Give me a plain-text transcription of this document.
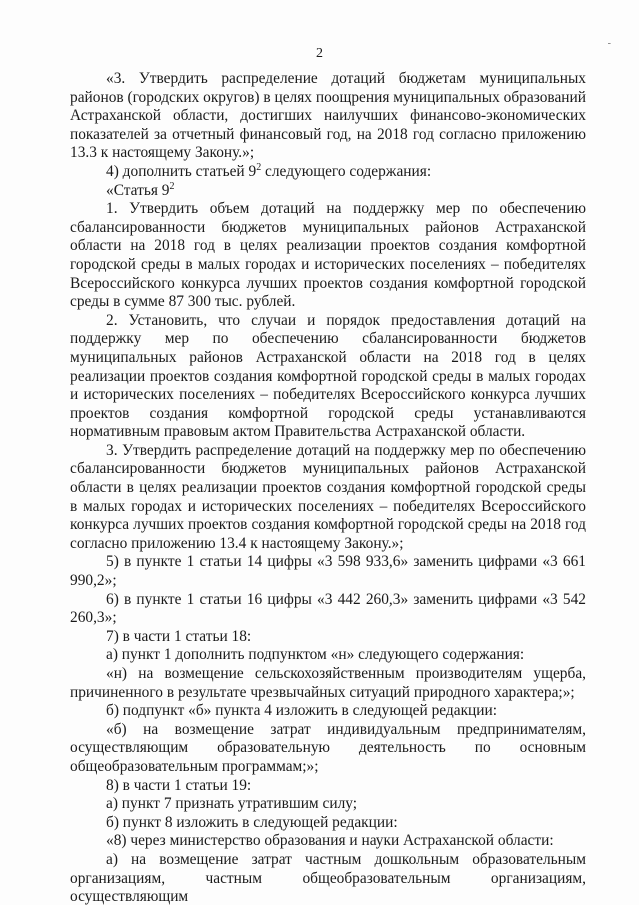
2
-

«3. Утвердить распределение дотаций бюджетам муниципальных районов (городских округов) в целях поощрения муниципальных образований Астраханской области, достигших наилучших финансово-экономических показателей за отчетный финансовый год, на 2018 год согласно приложению 13.3 к настоящему Закону.»;

4) дополнить статьей $9^2$ следующего содержания:

«Статья $9^2$

1. Утвердить объем дотаций на поддержку мер по обеспечению сбалансированности бюджетов муниципальных районов Астраханской области на 2018 год в целях реализации проектов создания комфортной городской среды в малых городах и исторических поселениях – победителях Всероссийского конкурса лучших проектов создания комфортной городской среды в сумме 87 300 тыс. рублей.

2. Установить, что случаи и порядок предоставления дотаций на поддержку мер по обеспечению сбалансированности бюджетов муниципальных районов Астраханской области на 2018 год в целях реализации проектов создания комфортной городской среды в малых городах и исторических поселениях – победителях Всероссийского конкурса лучших проектов создания комфортной городской среды устанавливаются нормативным правовым актом Правительства Астраханской области.

3. Утвердить распределение дотаций на поддержку мер по обеспечению сбалансированности бюджетов муниципальных районов Астраханской области в целях реализации проектов создания комфортной городской среды в малых городах и исторических поселениях – победителях Всероссийского конкурса лучших проектов создания комфортной городской среды на 2018 год согласно приложению 13.4 к настоящему Закону.»;

5) в пункте 1 статьи 14 цифры «3 598 933,6» заменить цифрами «3 661 990,2»;

6) в пункте 1 статьи 16 цифры «3 442 260,3» заменить цифрами «3 542 260,3»;

7) в части 1 статьи 18:

а) пункт 1 дополнить подпунктом «н» следующего содержания:

«н) на возмещение сельскохозяйственным производителям ущерба, причиненного в результате чрезвычайных ситуаций природного характера;»;

б) подпункт «б» пункта 4 изложить в следующей редакции:

«б) на возмещение затрат индивидуальным предпринимателям, осуществляющим образовательную деятельность по основным общеобразовательным программам;»;

8) в части 1 статьи 19:

а) пункт 7 признать утратившим силу;

б) пункт 8 изложить в следующей редакции:

«8) через министерство образования и науки Астраханской области:

а) на возмещение затрат частным дошкольным образовательным организациям, частным общеобразовательным организациям, осуществляющим
